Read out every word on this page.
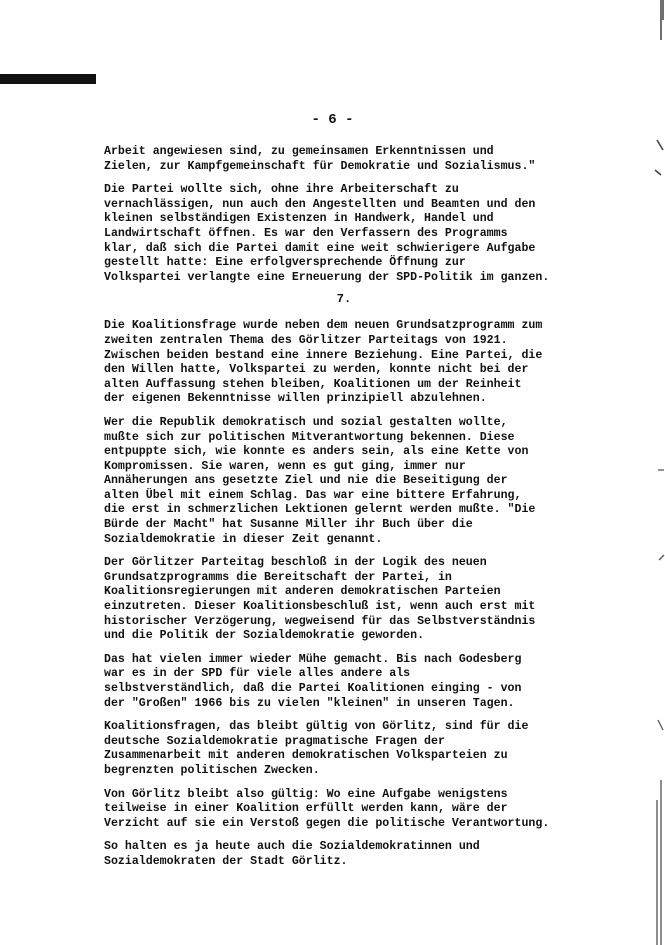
- 6 -

Arbeit angewiesen sind, zu gemeinsamen Erkenntnissen und
Zielen, zur Kampfgemeinschaft für Demokratie und Sozialismus."

Die Partei wollte sich, ohne ihre Arbeiterschaft zu
vernachlässigen, nun auch den Angestellten und Beamten und den
kleinen selbständigen Existenzen in Handwerk, Handel und
Landwirtschaft öffnen. Es war den Verfassern des Programms
klar, daß sich die Partei damit eine weit schwierigere Aufgabe
gestellt hatte: Eine erfolgversprechende Öffnung zur
Volkspartei verlangte eine Erneuerung der SPD-Politik im ganzen.

7.

Die Koalitionsfrage wurde neben dem neuen Grundsatzprogramm zum
zweiten zentralen Thema des Görlitzer Parteitags von 1921.
Zwischen beiden bestand eine innere Beziehung. Eine Partei, die
den Willen hatte, Volkspartei zu werden, konnte nicht bei der
alten Auffassung stehen bleiben, Koalitionen um der Reinheit
der eigenen Bekenntnisse willen prinzipiell abzulehnen.

Wer die Republik demokratisch und sozial gestalten wollte,
mußte sich zur politischen Mitverantwortung bekennen. Diese
entpuppte sich, wie konnte es anders sein, als eine Kette von
Kompromissen. Sie waren, wenn es gut ging, immer nur
Annäherungen ans gesetzte Ziel und nie die Beseitigung der
alten Übel mit einem Schlag. Das war eine bittere Erfahrung,
die erst in schmerzlichen Lektionen gelernt werden mußte. "Die
Bürde der Macht" hat Susanne Miller ihr Buch über die
Sozialdemokratie in dieser Zeit genannt.

Der Görlitzer Parteitag beschloß in der Logik des neuen
Grundsatzprogramms die Bereitschaft der Partei, in
Koalitionsregierungen mit anderen demokratischen Parteien
einzutreten. Dieser Koalitionsbeschluß ist, wenn auch erst mit
historischer Verzögerung, wegweisend für das Selbstverständnis
und die Politik der Sozialdemokratie geworden.

Das hat vielen immer wieder Mühe gemacht. Bis nach Godesberg
war es in der SPD für viele alles andere als
selbstverständlich, daß die Partei Koalitionen einging - von
der "Großen" 1966 bis zu vielen "kleinen" in unseren Tagen.

Koalitionsfragen, das bleibt gültig von Görlitz, sind für die
deutsche Sozialdemokratie pragmatische Fragen der
Zusammenarbeit mit anderen demokratischen Volksparteien zu
begrenzten politischen Zwecken.

Von Görlitz bleibt also gültig: Wo eine Aufgabe wenigstens
teilweise in einer Koalition erfüllt werden kann, wäre der
Verzicht auf sie ein Verstoß gegen die politische Verantwortung.

So halten es ja heute auch die Sozialdemokratinnen und
Sozialdemokraten der Stadt Görlitz.
